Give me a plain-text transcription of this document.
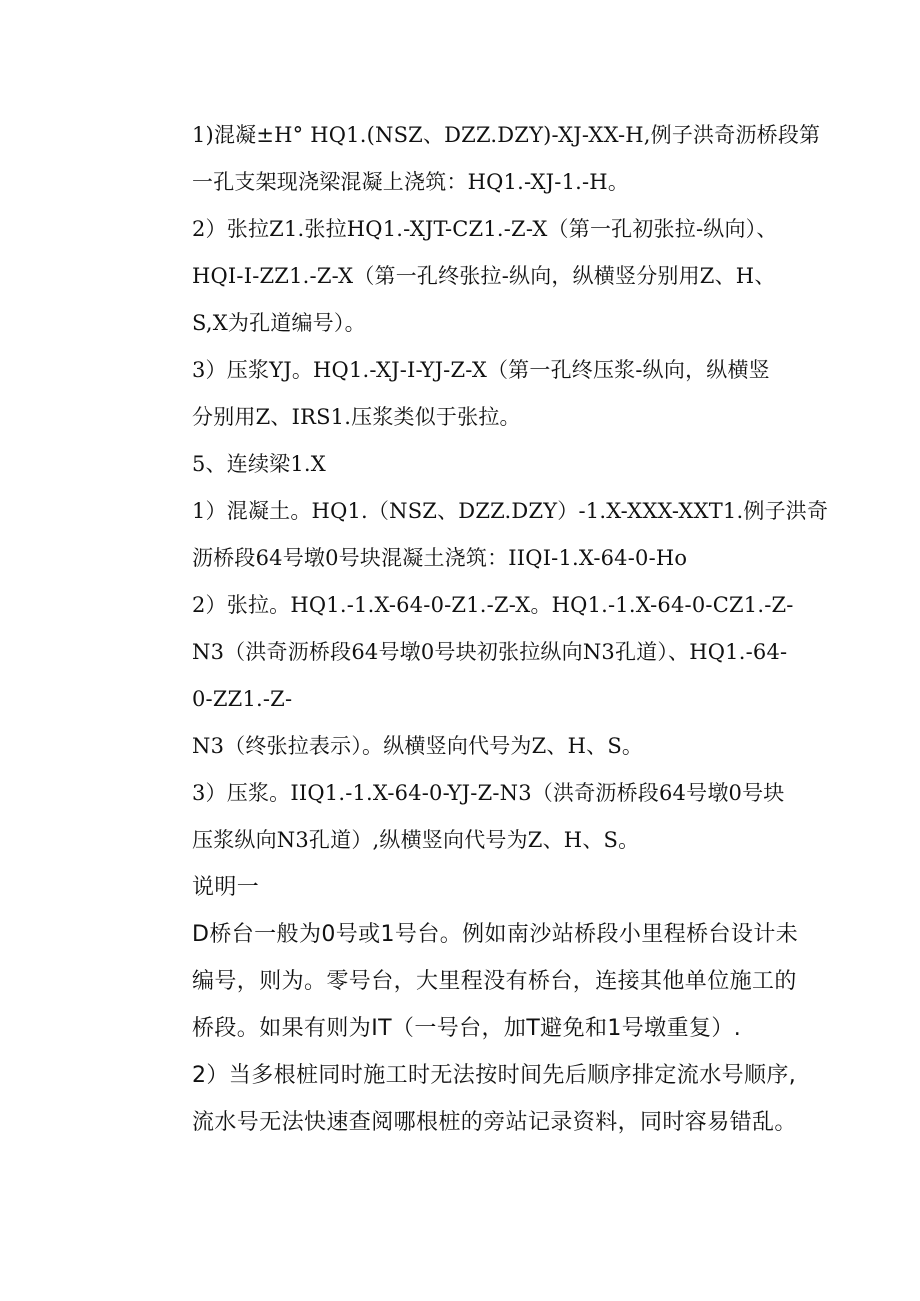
1)混凝±H° HQ1.(NSZ、DZZ.DZY)-XJ-XX-H,例子洪奇沥桥段第
一孔支架现浇梁混凝上浇筑：HQ1.-XJ-1.-H。
2）张拉Z1.张拉HQ1.-XJT-CZ1.-Z-X（第一孔初张拉-纵向）、
HQI-I-ZZ1.-Z-X（第一孔终张拉-纵向，纵横竖分别用Z、H、
S,X为孔道编号）。
3）压浆YJ。HQ1.-XJ-I-YJ-Z-X（第一孔终压浆-纵向，纵横竖
分别用Z、IRS1.压浆类似于张拉。
5、连续梁1.X
1）混凝土。HQ1.（NSZ、DZZ.DZY）-1.X-XXX-XXT1.例子洪奇
沥桥段64号墩0号块混凝土浇筑：IIQI-1.X-64-0-Ho
2）张拉。HQ1.-1.X-64-0-Z1.-Z-X。HQ1.-1.X-64-0-CZ1.-Z-
N3（洪奇沥桥段64号墩0号块初张拉纵向N3孔道）、HQ1.-64-
0-ZZ1.-Z-
N3（终张拉表示）。纵横竖向代号为Z、H、S。
3）压浆。IIQ1.-1.X-64-0-YJ-Z-N3（洪奇沥桥段64号墩0号块
压浆纵向N3孔道）,纵横竖向代号为Z、H、S。
说明一
D桥台一般为0号或1号台。例如南沙站桥段小里程桥台设计未
编号，则为。零号台，大里程没有桥台，连接其他单位施工的
桥段。如果有则为IT（一号台，加T避免和1号墩重复）.
2）当多根桩同时施工时无法按时间先后顺序排定流水号顺序,
流水号无法快速查阅哪根桩的旁站记录资料，同时容易错乱。
